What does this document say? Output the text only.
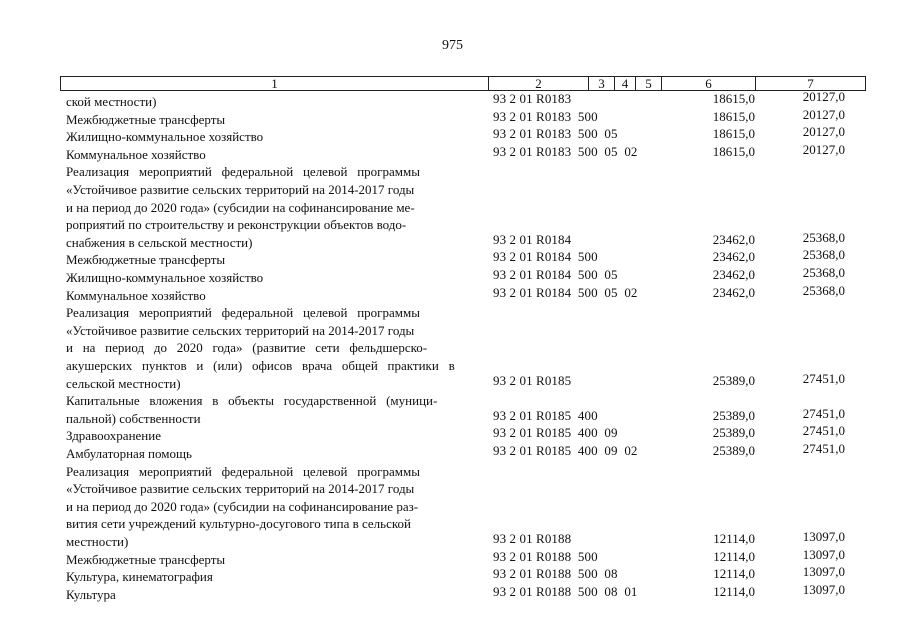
975
1	2	3	4	5	6	7
ской местности)	93 2 01 R0183	18615,0	20127,0
Межбюджетные трансферты	93 2 01 R0183  500	18615,0	20127,0
Жилищно-коммунальное хозяйство	93 2 01 R0183  500  05	18615,0	20127,0
Коммунальное хозяйство	93 2 01 R0183  500  05  02	18615,0	20127,0
Реализация   мероприятий   федеральной   целевой   программы
«Устойчивое развитие сельских территорий на 2014-2017 годы
и на период до 2020 года» (субсидии на софинансирование ме-
роприятий по строительству и реконструкции объектов водо-
снабжения в сельской местности)	93 2 01 R0184	23462,0	25368,0
Межбюджетные трансферты	93 2 01 R0184  500	23462,0	25368,0
Жилищно-коммунальное хозяйство	93 2 01 R0184  500  05	23462,0	25368,0
Коммунальное хозяйство	93 2 01 R0184  500  05  02	23462,0	25368,0
Реализация   мероприятий   федеральной   целевой   программы
«Устойчивое развитие сельских территорий на 2014-2017 годы
и   на   период   до   2020   года»   (развитие   сети   фельдшерско-
акушерских   пунктов   и   (или)   офисов   врача   общей   практики   в
сельской местности)	93 2 01 R0185	25389,0	27451,0
Капитальные   вложения   в   объекты   государственной   (муници-
пальной) собственности	93 2 01 R0185  400	25389,0	27451,0
Здравоохранение	93 2 01 R0185  400  09	25389,0	27451,0
Амбулаторная помощь	93 2 01 R0185  400  09  02	25389,0	27451,0
Реализация   мероприятий   федеральной   целевой   программы
«Устойчивое развитие сельских территорий на 2014-2017 годы
и на период до 2020 года» (субсидии на софинансирование раз-
вития сети учреждений культурно-досугового типа в сельской
местности)	93 2 01 R0188	12114,0	13097,0
Межбюджетные трансферты	93 2 01 R0188  500	12114,0	13097,0
Культура, кинематография	93 2 01 R0188  500  08	12114,0	13097,0
Культура	93 2 01 R0188  500  08  01	12114,0	13097,0
